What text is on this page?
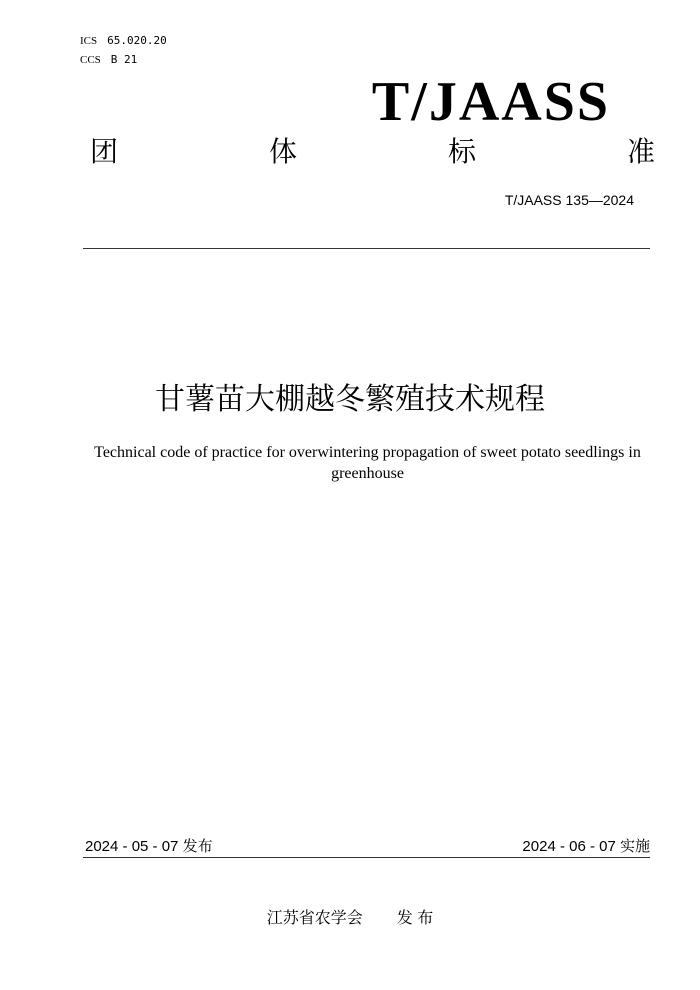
ICS 65.020.20
CCS B 21
T/JAASS
团	体	标	准
T/JAASS 135—2024
甘薯苗大棚越冬繁殖技术规程
Technical code of practice for overwintering propagation of sweet potato seedlings in
greenhouse
2024 - 05 - 07 发布	2024 - 06 - 07 实施
江苏省农学会 发 布
